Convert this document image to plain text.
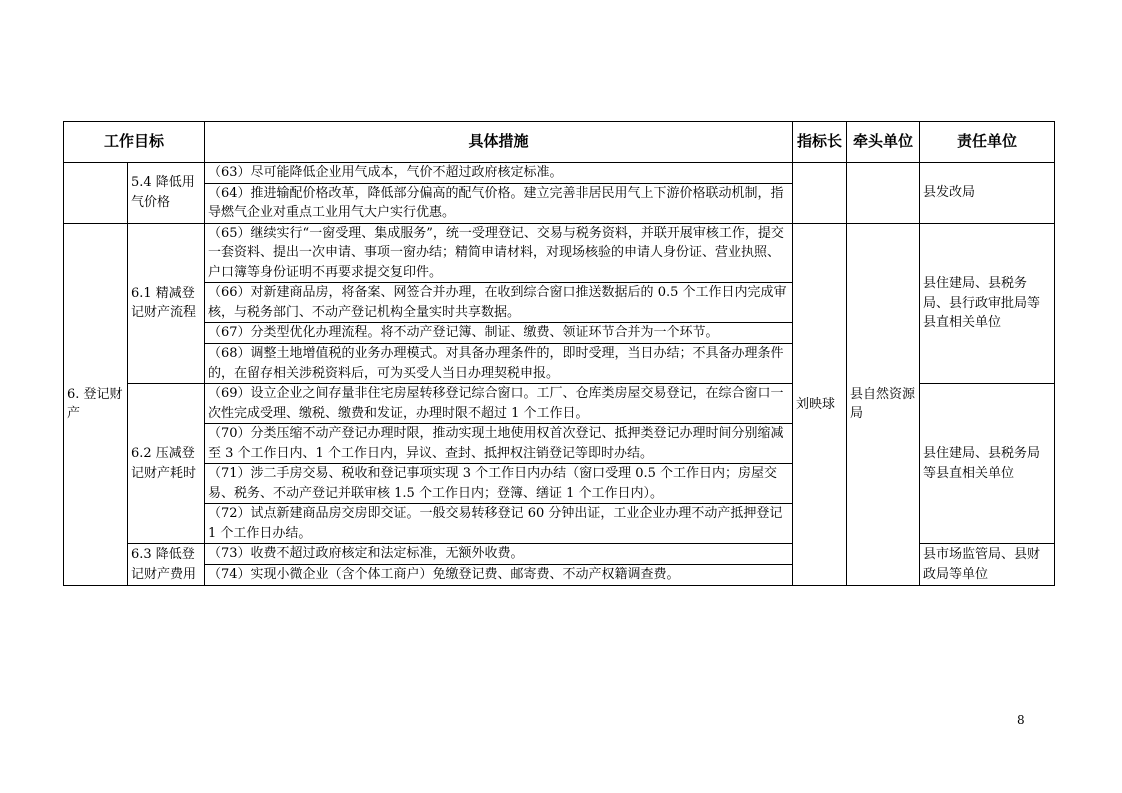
工作目标		具体措施	指标长	牵头单位	责任单位
	5.4 降低用气价格	（63）尽可能降低企业用气成本，气价不超过政府核定标准。			县发改局
		（64）推进输配价格改革，降低部分偏高的配气价格。建立完善非居民用气上下游价格联动机制，指导燃气企业对重点工业用气大户实行优惠。			
6. 登记财产	6.1 精减登记财产流程	（65）继续实行“一窗受理、集成服务”，统一受理登记、交易与税务资料，并联开展审核工作，提交一套资料、提出一次申请、事项一窗办结；精简申请材料，对现场核验的申请人身份证、营业执照、户口簿等身份证明不再要求提交复印件。	刘映球	县自然资源局	县住建局、县税务局、县行政审批局等县直相关单位
		（66）对新建商品房，将备案、网签合并办理，在收到综合窗口推送数据后的 0.5 个工作日内完成审核，与税务部门、不动产登记机构全量实时共享数据。			
		（67）分类型优化办理流程。将不动产登记簿、制证、缴费、领证环节合并为一个环节。			
		（68）调整土地增值税的业务办理模式。对具备办理条件的，即时受理，当日办结；不具备办理条件的，在留存相关涉税资料后，可为买受人当日办理契税申报。			
	6.2 压减登记财产耗时	（69）设立企业之间存量非住宅房屋转移登记综合窗口。工厂、仓库类房屋交易登记，在综合窗口一次性完成受理、缴税、缴费和发证，办理时限不超过 1 个工作日。			县住建局、县税务局等县直相关单位
		（70）分类压缩不动产登记办理时限，推动实现土地使用权首次登记、抵押类登记办理时间分别缩减至 3 个工作日内、1 个工作日内，异议、查封、抵押权注销登记等即时办结。			
		（71）涉二手房交易、税收和登记事项实现 3 个工作日内办结（窗口受理 0.5 个工作日内；房屋交易、税务、不动产登记并联审核 1.5 个工作日内；登簿、缮证 1 个工作日内）。			
		（72）试点新建商品房交房即交证。一般交易转移登记 60 分钟出证，工业企业办理不动产抵押登记 1 个工作日办结。			
	6.3 降低登记财产费用	（73）收费不超过政府核定和法定标准，无额外收费。			县市场监管局、县财政局等单位
		（74）实现小微企业（含个体工商户）免缴登记费、邮寄费、不动产权籍调查费。			
8
